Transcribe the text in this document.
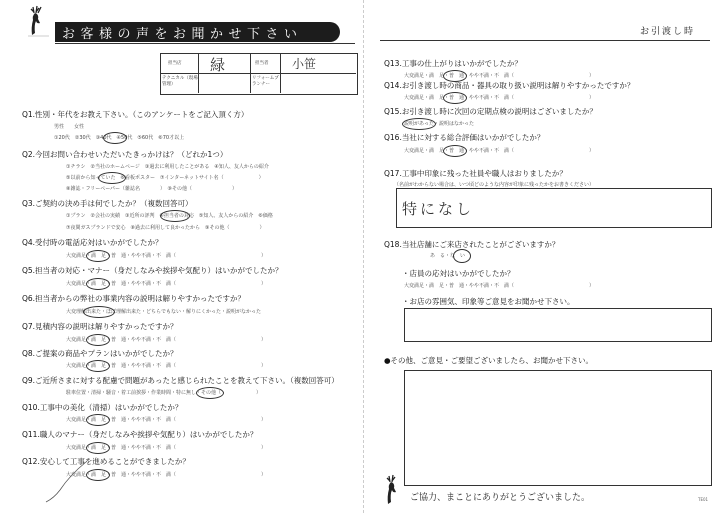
お客様の声をお聞かせ下さい
担当店 緑	担当者 小笹
テクニカル（現場管理）
リフォームプランナー
Q1.性別・年代をお教え下さい。（このアンケートをご記入頂く方）
男性　　女性
①20代　②30代　③40代　④50代　⑤60代　⑥70才以上
Q2.今回お問い合わせいただいたきっかけは？（どれか1つ）
①チラシ　②当社のホームページ　③過去に利用したことがある　④知人、友人からの紹介
⑤以前から知っていた　⑥看板ポスター　⑦インターネットサイト名（　　　　　　　）
⑧雑誌・フリーペーパー（雑誌名　　　　）　⑨その他（　　　　　　　　）
Q3.ご契約の決め手は何でしたか？（複数回答可）
①プラン　②会社の実績　③近所の評判　④担当者の対応　⑤知人、友人からの紹介　⑥価格
⑦夜間ガスプランドで安心　⑧過去に利用して良かったから　⑨その他（　　　　　　）
Q4.受付時の電話応対はいかがでしたか？
大変満足・満　足・普　通・やや不満・不　満（　　　　　　　　　　　　　　　　　）
Q5.担当者の対応・マナー（身だしなみや挨拶や気配り）はいかがでしたか？
大変満足・満　足・普　通・やや不満・不　満（　　　　　　　　　　　　　　　　　）
Q6.担当者からの弊社の事業内容の説明は解りやすかったですか？
大変理解出来た・ほぼ理解出来た・どちらでもない・解りにくかった・説明がなかった
Q7.見積内容の説明は解りやすかったですか？
大変満足・満　足・普　通・やや不満・不　満（　　　　　　　　　　　　　　　　　）
Q8.ご提案の商品やプランはいかがでしたか？
大変満足・満　足・普　通・やや不満・不　満（　　　　　　　　　　　　　　　　　）
Q9.ご近所さまに対する配慮で問題があったと感じられたことを教えて下さい。（複数回答可）
駐車位置・清掃・騒音・着工前挨拶・作業時間・特に無し・その他（　　　　　　　）
Q10.工事中の美化（清掃）はいかがでしたか？
大変満足・満　足・普　通・やや不満・不　満（　　　　　　　　　　　　　　　　　）
Q11.職人のマナー（身だしなみや挨拶や気配り）はいかがでしたか？
大変満足・満　足・普　通・やや不満・不　満（　　　　　　　　　　　　　　　　　）
Q12.安心して工事を進めることができましたか？
大変満足・満　足・普　通・やや不満・不　満（　　　　　　　　　　　　　　　　　）
お引渡し時
Q13.工事の仕上がりはいかがでしたか？
大変満足・満　足・普　通・やや不満・不　満（　　　　　　　　　　　　　　　）
Q14.お引き渡し時の商品・器具の取り扱い説明は解りやすかったですか？
大変満足・満　足・普　通・やや不満・不　満（　　　　　　　　　　　　　　　）
Q15.お引き渡し時に次回の定期点検の説明はございましたか？
説明があった・説明はなかった
Q16.当社に対する総合評価はいかがでしたか？
大変満足・満　足・普　通・やや不満・不　満（　　　　　　　　　　　　　　　）
Q17.工事中印象に残った社員や職人はおりましたか？
（名前がわからない場合は、いつ頃どのような内容が印象に残ったかをお書きください）
特になし
Q18.当社店舗にご来店されたことがございますか？
あ　る・な　い
・店員の応対はいかがでしたか？
大変満足・満　足・普　通・やや不満・不　満（　　　　　　　　　　　　　　　）
・お店の雰囲気、印象等ご意見をお聞かせ下さい。
●その他、ご意見・ご要望ございましたら、お聞かせ下さい。
ご協力、まことにありがとうございました。	TE01
